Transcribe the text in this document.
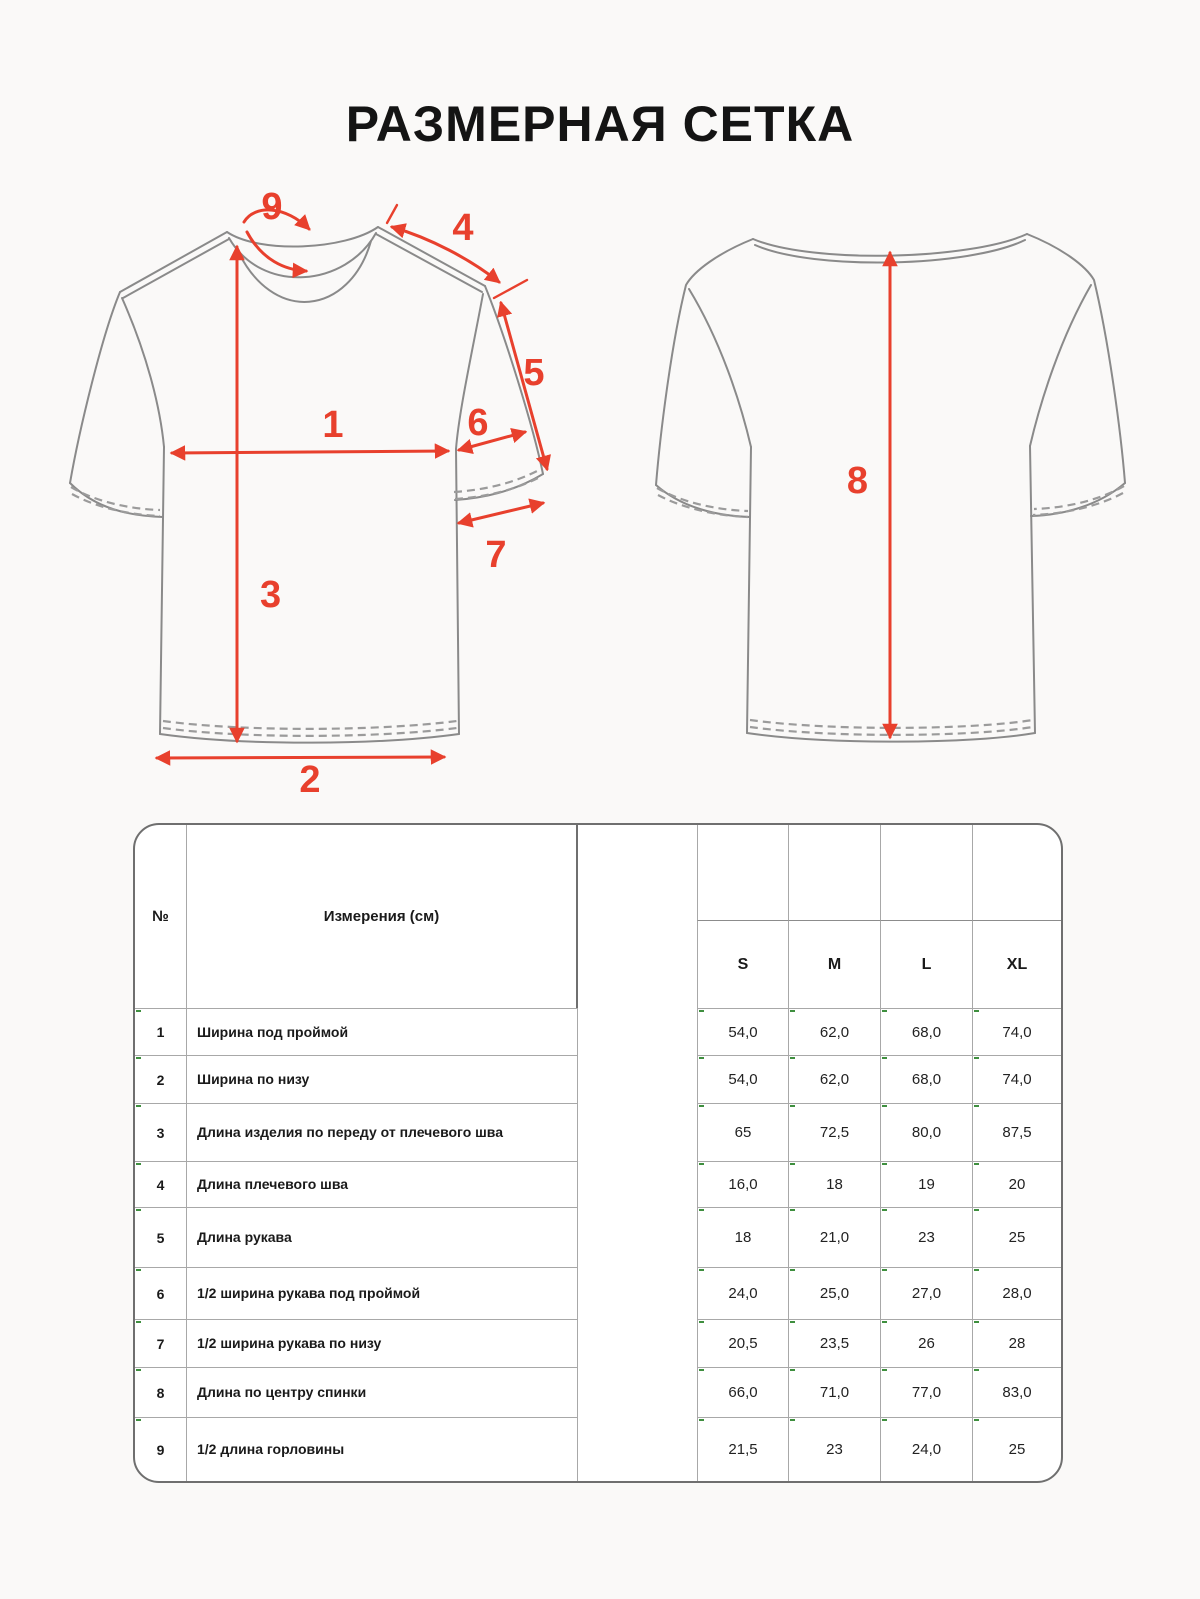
РАЗМЕРНАЯ СЕТКА
1
2
3
4
5
6
7
9
8
№	Измерения (см)
S	M	L	XL
1	Ширина под проймой	54,0	62,0	68,0	74,0
2	Ширина по низу	54,0	62,0	68,0	74,0
3	Длина изделия по переду от плечевого шва	65	72,5	80,0	87,5
4	Длина плечевого шва	16,0	18	19	20
5	Длина рукава	18	21,0	23	25
6	1/2 ширина рукава под проймой	24,0	25,0	27,0	28,0
7	1/2 ширина рукава по низу	20,5	23,5	26	28
8	Длина по центру спинки	66,0	71,0	77,0	83,0
9	1/2 длина горловины	21,5	23	24,0	25
